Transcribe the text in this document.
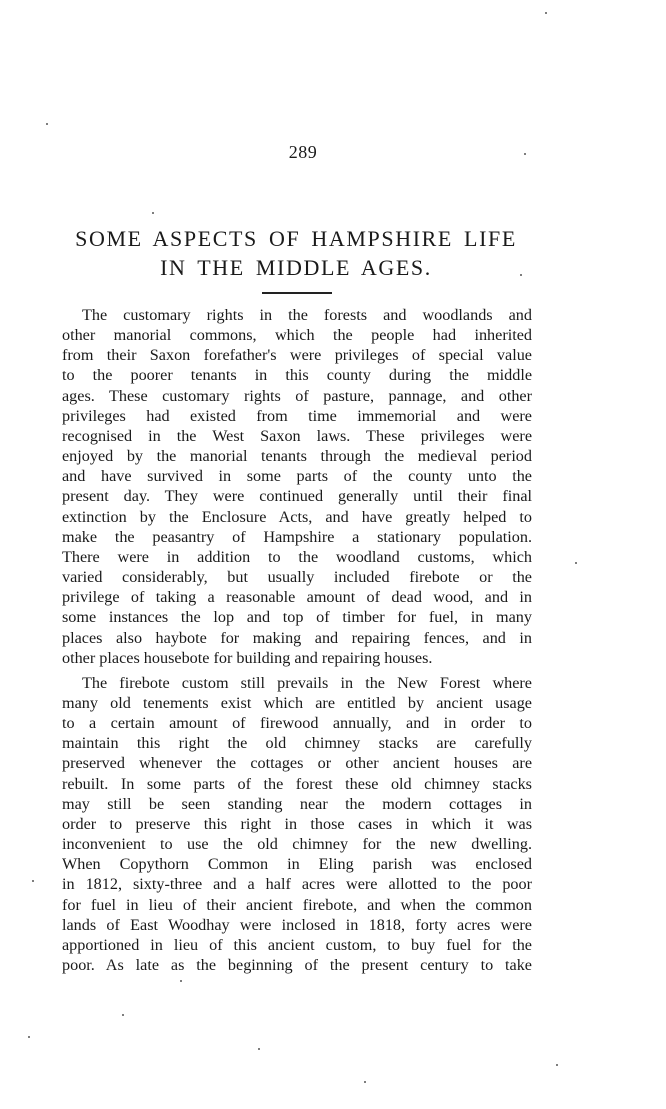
289
SOME ASPECTS OF HAMPSHIRE LIFE
IN THE MIDDLE AGES.
The customary rights in the forests and woodlands and
other manorial commons, which the people had inherited
from their Saxon forefather's were privileges of special value
to the poorer tenants in this county during the middle
ages. These customary rights of pasture, pannage, and other
privileges had existed from time immemorial and were
recognised in the West Saxon laws. These privileges were
enjoyed by the manorial tenants through the medieval period
and have survived in some parts of the county unto the
present day. They were continued generally until their final
extinction by the Enclosure Acts, and have greatly helped to
make the peasantry of Hampshire a stationary population.
There were in addition to the woodland customs, which
varied considerably, but usually included firebote or the
privilege of taking a reasonable amount of dead wood, and in
some instances the lop and top of timber for fuel, in many
places also haybote for making and repairing fences, and in
other places housebote for building and repairing houses.
The firebote custom still prevails in the New Forest where
many old tenements exist which are entitled by ancient usage
to a certain amount of firewood annually, and in order to
maintain this right the old chimney stacks are carefully
preserved whenever the cottages or other ancient houses are
rebuilt. In some parts of the forest these old chimney stacks
may still be seen standing near the modern cottages in
order to preserve this right in those cases in which it was
inconvenient to use the old chimney for the new dwelling.
When Copythorn Common in Eling parish was enclosed
in 1812, sixty-three and a half acres were allotted to the poor
for fuel in lieu of their ancient firebote, and when the common
lands of East Woodhay were inclosed in 1818, forty acres were
apportioned in lieu of this ancient custom, to buy fuel for the
poor. As late as the beginning of the present century to take
